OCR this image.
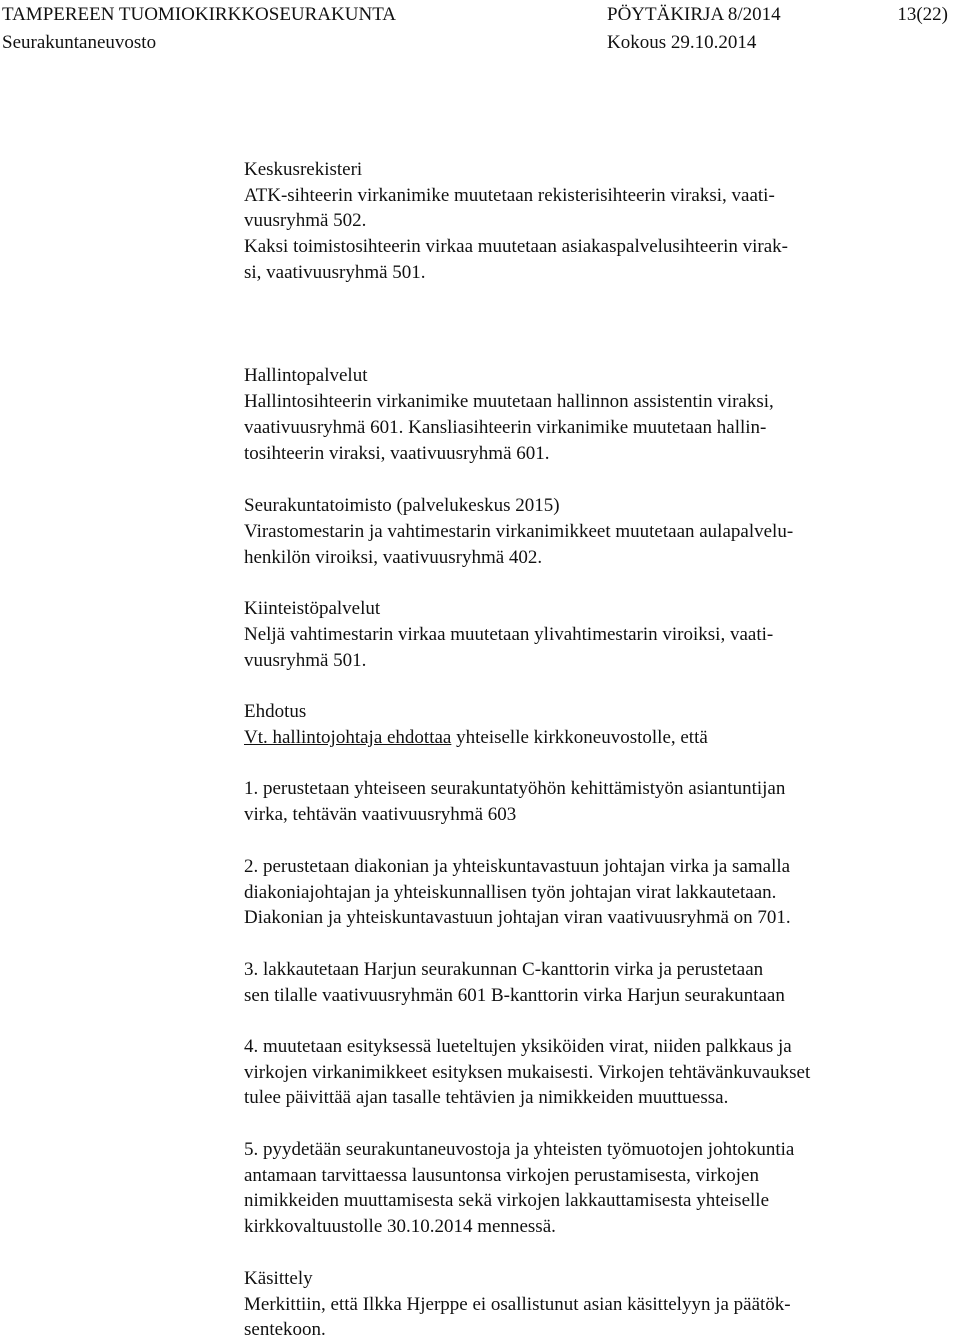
TAMPEREEN TUOMIOKIRKKOSEURAKUNTA
Seurakuntaneuvosto
PÖYTÄKIRJA 8/2014
Kokous 29.10.2014
13(22)
Keskusrekisteri
ATK-sihteerin virkanimike muutetaan rekisterisihteerin viraksi, vaati-
vuusryhmä 502.
Kaksi toimistosihteerin virkaa muutetaan asiakaspalvelusihteerin virak-
si, vaativuusryhmä 501.
Hallintopalvelut
Hallintosihteerin virkanimike muutetaan hallinnon assistentin viraksi,
vaativuusryhmä 601. Kansliasihteerin virkanimike muutetaan hallin-
tosihteerin viraksi, vaativuusryhmä 601.
Seurakuntatoimisto (palvelukeskus 2015)
Virastomestarin ja vahtimestarin virkanimikkeet muutetaan aulapalvelu-
henkilön viroiksi, vaativuusryhmä 402.
Kiinteistöpalvelut
Neljä vahtimestarin virkaa muutetaan ylivahtimestarin viroiksi, vaati-
vuusryhmä 501.
Ehdotus
Vt. hallintojohtaja ehdottaa yhteiselle kirkkoneuvostolle, että
1. perustetaan yhteiseen seurakuntatyöhön kehittämistyön asiantuntijan
virka, tehtävän vaativuusryhmä 603
2. perustetaan diakonian ja yhteiskuntavastuun johtajan virka ja samalla
diakoniajohtajan ja yhteiskunnallisen työn johtajan virat lakkautetaan.
Diakonian ja yhteiskuntavastuun johtajan viran vaativuusryhmä on 701.
3. lakkautetaan Harjun seurakunnan C-kanttorin virka ja perustetaan
sen tilalle vaativuusryhmän 601 B-kanttorin virka Harjun seurakuntaan
4. muutetaan esityksessä lueteltujen yksiköiden virat, niiden palkkaus ja
virkojen virkanimikkeet esityksen mukaisesti. Virkojen tehtävänkuvaukset
tulee päivittää ajan tasalle tehtävien ja nimikkeiden muuttuessa.
5. pyydetään seurakuntaneuvostoja ja yhteisten työmuotojen johtokuntia
antamaan tarvittaessa lausuntonsa virkojen perustamisesta, virkojen
nimikkeiden muuttamisesta sekä virkojen lakkauttamisesta yhteiselle
kirkkovaltuustolle 30.10.2014 mennessä.
Käsittely
Merkittiin, että Ilkka Hjerppe ei osallistunut asian käsittelyyn ja päätök-
sentekoon.
